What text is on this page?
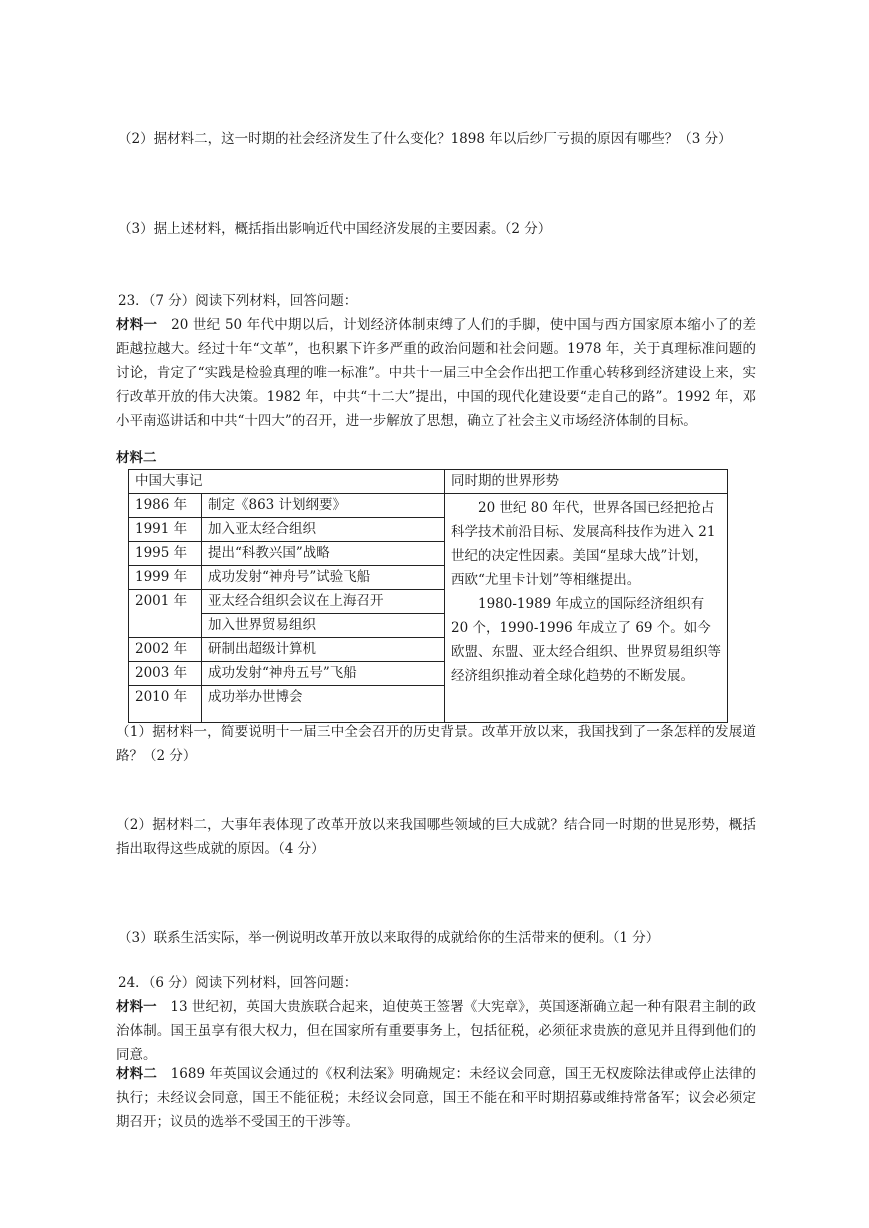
（2）据材料二，这一时期的社会经济发生了什么变化？1898 年以后纱厂亏损的原因有哪些？（3 分）

（3）据上述材料，概括指出影响近代中国经济发展的主要因素。（2 分）

23．（7 分）阅读下列材料，回答问题：

材料一　20 世纪 50 年代中期以后，计划经济体制束缚了人们的手脚，使中国与西方国家原本缩小了的差距越拉越大。经过十年“文革”，也积累下许多严重的政治问题和社会问题。1978 年，关于真理标准问题的讨论，肯定了“实践是检验真理的唯一标准”。中共十一届三中全会作出把工作重心转移到经济建设上来，实行改革开放的伟大决策。1982 年，中共“十二大”提出，中国的现代化建设要“走自己的路”。1992 年，邓小平南巡讲话和中共“十四大”的召开，进一步解放了思想，确立了社会主义市场经济体制的目标。

材料二

中国大事记		同时期的世界形势
1986 年	制定《863 计划纲要》	20 世纪 80 年代，世界各国已经把抢占科学技术前沿目标、发展高科技作为进入 21 世纪的决定性因素。美国“星球大战”计划，西欧“尤里卡计划”等相继提出。

1980-1989 年成立的国际经济组织有 20 个，1990-1996 年成立了 69 个。如今欧盟、东盟、亚太经合组织、世界贸易组织等经济组织推动着全球化趋势的不断发展。

1991 年	加入亚太经合组织	
1995 年	提出“科教兴国”战略	
1999 年	成功发射“神舟号”试验飞船	
2001 年	亚太经合组织会议在上海召开	
	加入世界贸易组织	
2002 年	研制出超级计算机	
2003 年	成功发射“神舟五号”飞船	
2010 年	成功举办世博会	

（1）据材料一，简要说明十一届三中全会召开的历史背景。改革开放以来，我国找到了一条怎样的发展道路？（2 分）

（2）据材料二，大事年表体现了改革开放以来我国哪些领域的巨大成就？结合同一时期的世晃形势，概括指出取得这些成就的原因。（4 分）

（3）联系生活实际，举一例说明改革开放以来取得的成就给你的生活带来的便利。（1 分）

24．（6 分）阅读下列材料，回答问题：

材料一　13 世纪初，英国大贵族联合起来，迫使英王签署《大宪章》，英国逐渐确立起一种有限君主制的政治体制。国王虽享有很大权力，但在国家所有重要事务上，包括征税，必须征求贵族的意见并且得到他们的同意。

材料二　1689 年英国议会通过的《权利法案》明确规定：未经议会同意，国王无权废除法律或停止法律的执行；未经议会同意，国王不能征税；未经议会同意，国王不能在和平时期招募或维持常备军；议会必须定期召开；议员的选举不受国王的干涉等。
